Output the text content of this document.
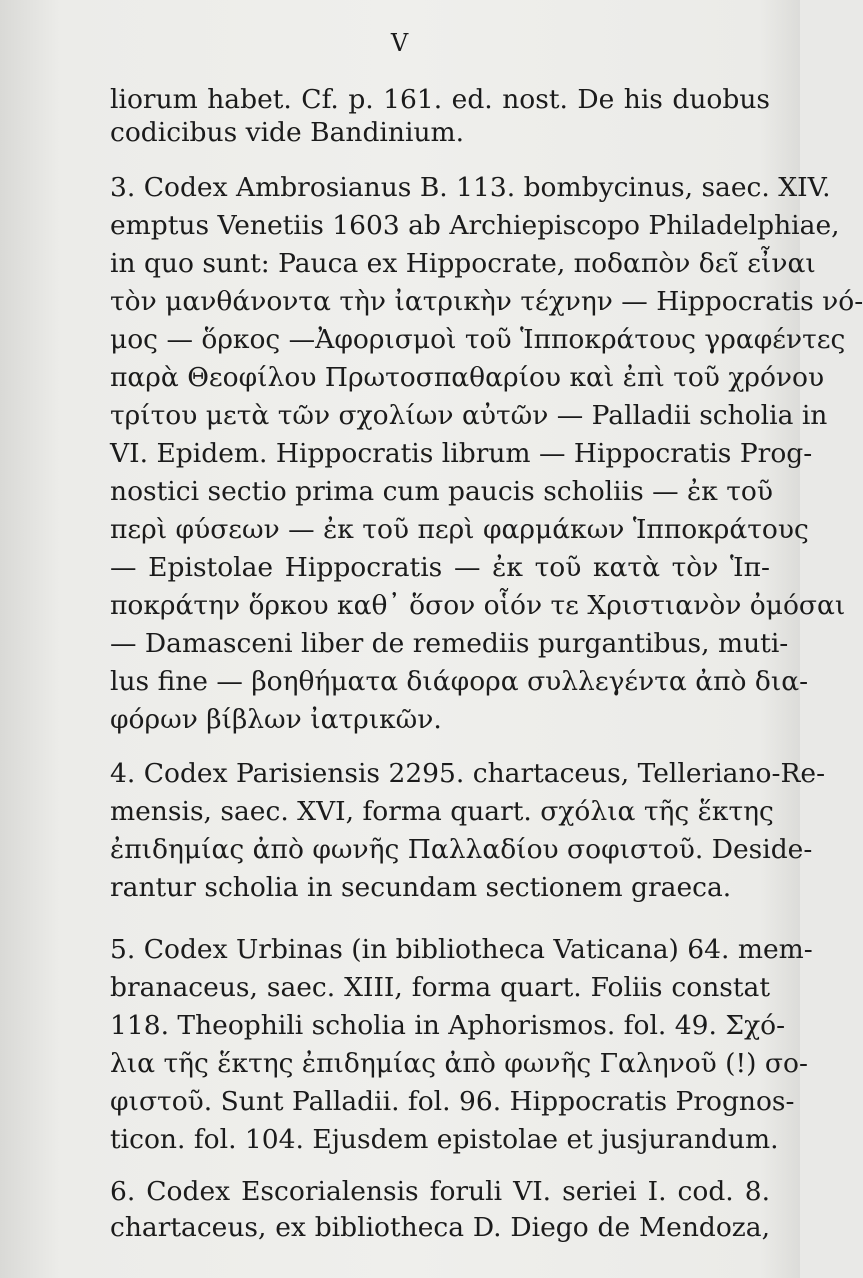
V
liorum habet. Cf. p. 161. ed. nost. De his duobus
codicibus vide Bandinium.
3. Codex Ambrosianus B. 113. bombycinus, saec. XIV.
emptus Venetiis 1603 ab Archiepiscopo Philadelphiae,
in quo sunt: Pauca ex Hippocrate, ποδαπὸν δεῖ εἶναι
τὸν μανθάνοντα τὴν ἰατρικὴν τέχνην — Hippocratis νό-
μος — ὅρκος —Ἀφορισμοὶ τοῦ Ἱπποκράτους γραφέντες
παρὰ Θεοφίλου Πρωτοσπαθαρίου καὶ ἐπὶ τοῦ χρόνου
τρίτου μετὰ τῶν σχολίων αὐτῶν — Palladii scholia in
VI. Epidem. Hippocratis librum — Hippocratis Prog-
nostici sectio prima cum paucis scholiis — ἐκ τοῦ
περὶ φύσεων — ἐκ τοῦ περὶ φαρμάκων Ἱπποκράτους
— Epistolae Hippocratis — ἐκ τοῦ κατὰ τὸν Ἱπ-
ποκράτην ὅρκου καθ᾽ ὅσον οἷόν τε Χριστιανὸν ὀμόσαι
— Damasceni liber de remediis purgantibus, muti-
lus fine — βοηθήματα διάφορα συλλεγέντα ἀπὸ δια-
φόρων βίβλων ἰατρικῶν.
4. Codex Parisiensis 2295. chartaceus, Telleriano-Re-
mensis, saec. XVI, forma quart. σχόλια τῆς ἕκτης
ἐπιδημίας ἀπὸ φωνῆς Παλλαδίου σοφιστοῦ. Deside-
rantur scholia in secundam sectionem graeca.
5. Codex Urbinas (in bibliotheca Vaticana) 64. mem-
branaceus, saec. XIII, forma quart. Foliis constat
118. Theophili scholia in Aphorismos. fol. 49. Σχό-
λια τῆς ἕκτης ἐπιδημίας ἀπὸ φωνῆς Γαληνοῦ (!) σο-
φιστοῦ. Sunt Palladii. fol. 96. Hippocratis Prognos-
ticon. fol. 104. Ejusdem epistolae et jusjurandum.
6. Codex Escorialensis foruli VI. seriei I. cod. 8.
chartaceus, ex bibliotheca D. Diego de Mendoza,
